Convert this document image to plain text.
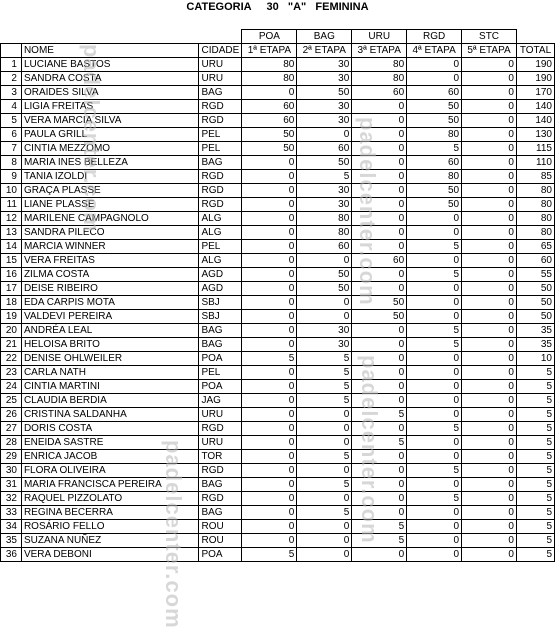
CATEGORIA     30   "A"   FEMININA

			POA	BAG	URU	RGD	STC	
	NOME	CIDADE	1ª ETAPA	2ª ETAPA	3ª ETAPA	4ª ETAPA	5ª ETAPA	TOTAL
1	LUCIANE BASTOS	URU	80	30	80	0	0	190
2	SANDRA COSTA	URU	80	30	80	0	0	190
3	ORAIDES SILVA	BAG	0	50	60	60	0	170
4	LIGIA FREITAS	RGD	60	30	0	50	0	140
5	VERA MARCIA SILVA	RGD	60	30	0	50	0	140
6	PAULA GRILL	PEL	50	0	0	80	0	130
7	CINTIA MEZZOMO	PEL	50	60	0	5	0	115
8	MARIA INES BELLEZA	BAG	0	50	0	60	0	110
9	TANIA IZOLDI	RGD	0	5	0	80	0	85
10	GRAÇA PLASSE	RGD	0	30	0	50	0	80
11	LIANE PLASSE	RGD	0	30	0	50	0	80
12	MARILENE CAMPAGNOLO	ALG	0	80	0	0	0	80
13	SANDRA PILECO	ALG	0	80	0	0	0	80
14	MARCIA WINNER	PEL	0	60	0	5	0	65
15	VERA FREITAS	ALG	0	0	60	0	0	60
16	ZILMA COSTA	AGD	0	50	0	5	0	55
17	DEISE RIBEIRO	AGD	0	50	0	0	0	50
18	EDA CARPIS MOTA	SBJ	0	0	50	0	0	50
19	VALDEVI PEREIRA	SBJ	0	0	50	0	0	50
20	ANDRÉA LEAL	BAG	0	30	0	5	0	35
21	HELOISA BRITO	BAG	0	30	0	5	0	35
22	DENISE OHLWEILER	POA	5	5	0	0	0	10
23	CARLA NATH	PEL	0	5	0	0	0	5
24	CINTIA MARTINI	POA	0	5	0	0	0	5
25	CLAUDIA BERDIA	JAG	0	5	0	0	0	5
26	CRISTINA SALDANHA	URU	0	0	5	0	0	5
27	DORIS COSTA	RGD	0	0	0	5	0	5
28	ENEIDA SASTRE	URU	0	0	5	0	0	5
29	ENRICA JACOB	TOR	0	5	0	0	0	5
30	FLORA OLIVEIRA	RGD	0	0	0	5	0	5
31	MARIA FRANCISCA PEREIRA	BAG	0	5	0	0	0	5
32	RAQUEL PIZZOLATO	RGD	0	0	0	5	0	5
33	REGINA BECERRA	BAG	0	5	0	0	0	5
34	ROSÁRIO FELLO	ROU	0	0	5	0	0	5
35	SUZANA NUÑEZ	ROU	0	0	5	0	0	5
36	VERA DEBONI	POA	5	0	0	0	0	5
padelcenter.com	padelcenter.com
padelcenter.com
padelcenter.com
